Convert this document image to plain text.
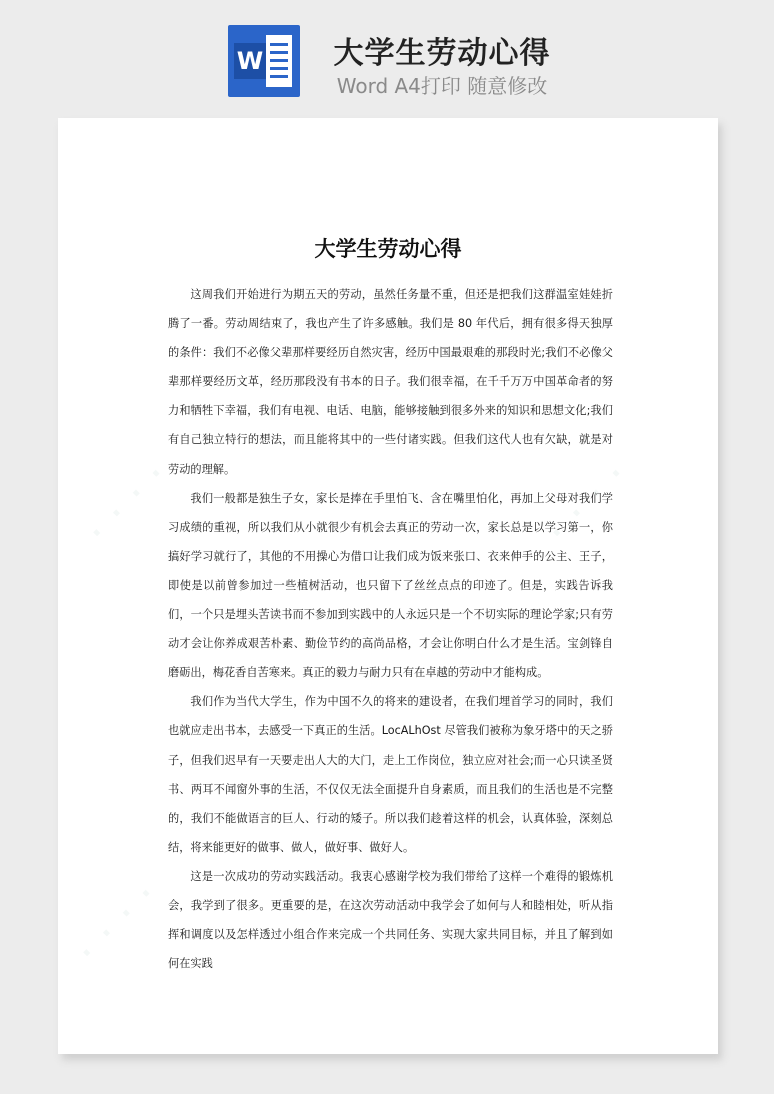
W	大学生劳动心得
Word A4打印 随意修改
· · · ·	· · · ·
· · · ·
大学生劳动心得

这周我们开始进行为期五天的劳动，虽然任务量不重，但还是把我们这群温室娃娃折腾了一番。劳动周结束了，我也产生了许多感触。我们是 80 年代后，拥有很多得天独厚的条件：我们不必像父辈那样要经历自然灾害，经历中国最艰难的那段时光;我们不必像父辈那样要经历文革，经历那段没有书本的日子。我们很幸福，在千千万万中国革命者的努力和牺牲下幸福，我们有电视、电话、电脑，能够接触到很多外来的知识和思想文化;我们有自己独立特行的想法，而且能将其中的一些付诸实践。但我们这代人也有欠缺，就是对劳动的理解。

我们一般都是独生子女，家长是捧在手里怕飞、含在嘴里怕化，再加上父母对我们学习成绩的重视，所以我们从小就很少有机会去真正的劳动一次，家长总是以学习第一，你搞好学习就行了，其他的不用操心为借口让我们成为饭来张口、衣来伸手的公主、王子，即使是以前曾参加过一些植树活动，也只留下了丝丝点点的印迹了。但是，实践告诉我们，一个只是埋头苦读书而不参加到实践中的人永远只是一个不切实际的理论学家;只有劳动才会让你养成艰苦朴素、勤俭节约的高尚品格，才会让你明白什么才是生活。宝剑锋自磨砺出，梅花香自苦寒来。真正的毅力与耐力只有在卓越的劳动中才能构成。

我们作为当代大学生，作为中国不久的将来的建设者，在我们埋首学习的同时，我们也就应走出书本，去感受一下真正的生活。LocALhOst 尽管我们被称为象牙塔中的天之骄子，但我们迟早有一天要走出人大的大门，走上工作岗位，独立应对社会;而一心只读圣贤书、两耳不闻窗外事的生活，不仅仅无法全面提升自身素质，而且我们的生活也是不完整的，我们不能做语言的巨人、行动的矮子。所以我们趁着这样的机会，认真体验，深刻总结，将来能更好的做事、做人，做好事、做好人。

这是一次成功的劳动实践活动。我衷心感谢学校为我们带给了这样一个难得的锻炼机会，我学到了很多。更重要的是，在这次劳动活动中我学会了如何与人和睦相处，听从指挥和调度以及怎样透过小组合作来完成一个共同任务、实现大家共同目标，并且了解到如何在实践
